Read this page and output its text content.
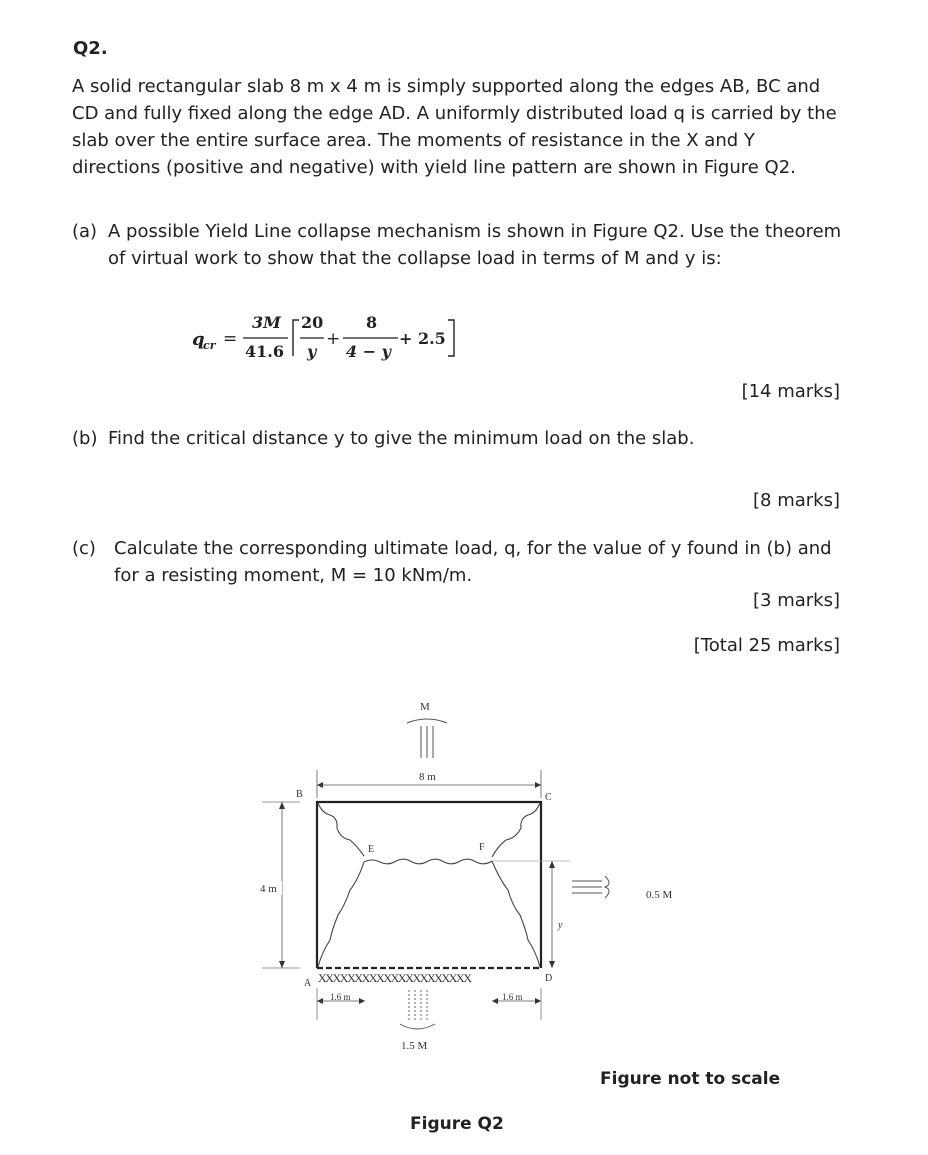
Q2.

A solid rectangular slab 8 m x 4 m is simply supported along the edges AB, BC and CD and fully fixed along the edge AD. A uniformly distributed load q is carried by the slab over the entire surface area. The moments of resistance in the X and Y directions (positive and negative) with yield line pattern are shown in Figure Q2.

(a) A possible Yield Line collapse mechanism is shown in Figure Q2. Use the theorem of virtual work to show that the collapse load in terms of M and y is:
q
cr =
3M
41.6
20
y
+
8
4 − y
+ 2.5

[14 marks]

(b) Find the critical distance y to give the minimum load on the slab.

[8 marks]

(c)	Calculate the corresponding ultimate load, q, for the value of y found in (b) and for a resisting moment, M = 10 kNm/m.

[3 marks]

[Total 25 marks]

M
8 m
4 m
XXXXXXXXXXXXXXXXXXXXX
B	C
A	D
E	F
y
0.5 M
1.6 m	1.6 m
1.5 M

Figure not to scale

Figure Q2
